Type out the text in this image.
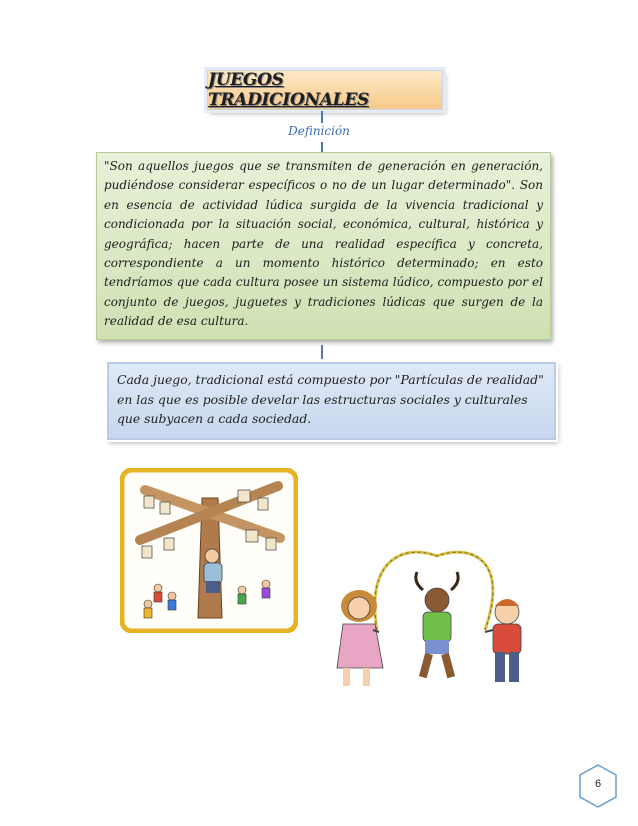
JUEGOS TRADICIONALES
Definición

"Son aquellos juegos que se transmiten de generación en generación, pudiéndose considerar específicos o no de un lugar determinado". Son en esencia de actividad lúdica surgida de la vivencia tradicional y condicionada por la situación social, económica, cultural, histórica y geográfica; hacen parte de una realidad específica y concreta, correspondiente a un momento histórico determinado; en esto tendríamos que cada cultura posee un sistema lúdico, compuesto por el conjunto de juegos, juguetes y tradiciones lúdicas que surgen de la realidad de esa cultura.

Cada juego, tradicional está compuesto por "Partículas de realidad" en las que es posible develar las estructuras sociales y culturales que subyacen a cada sociedad.

6
